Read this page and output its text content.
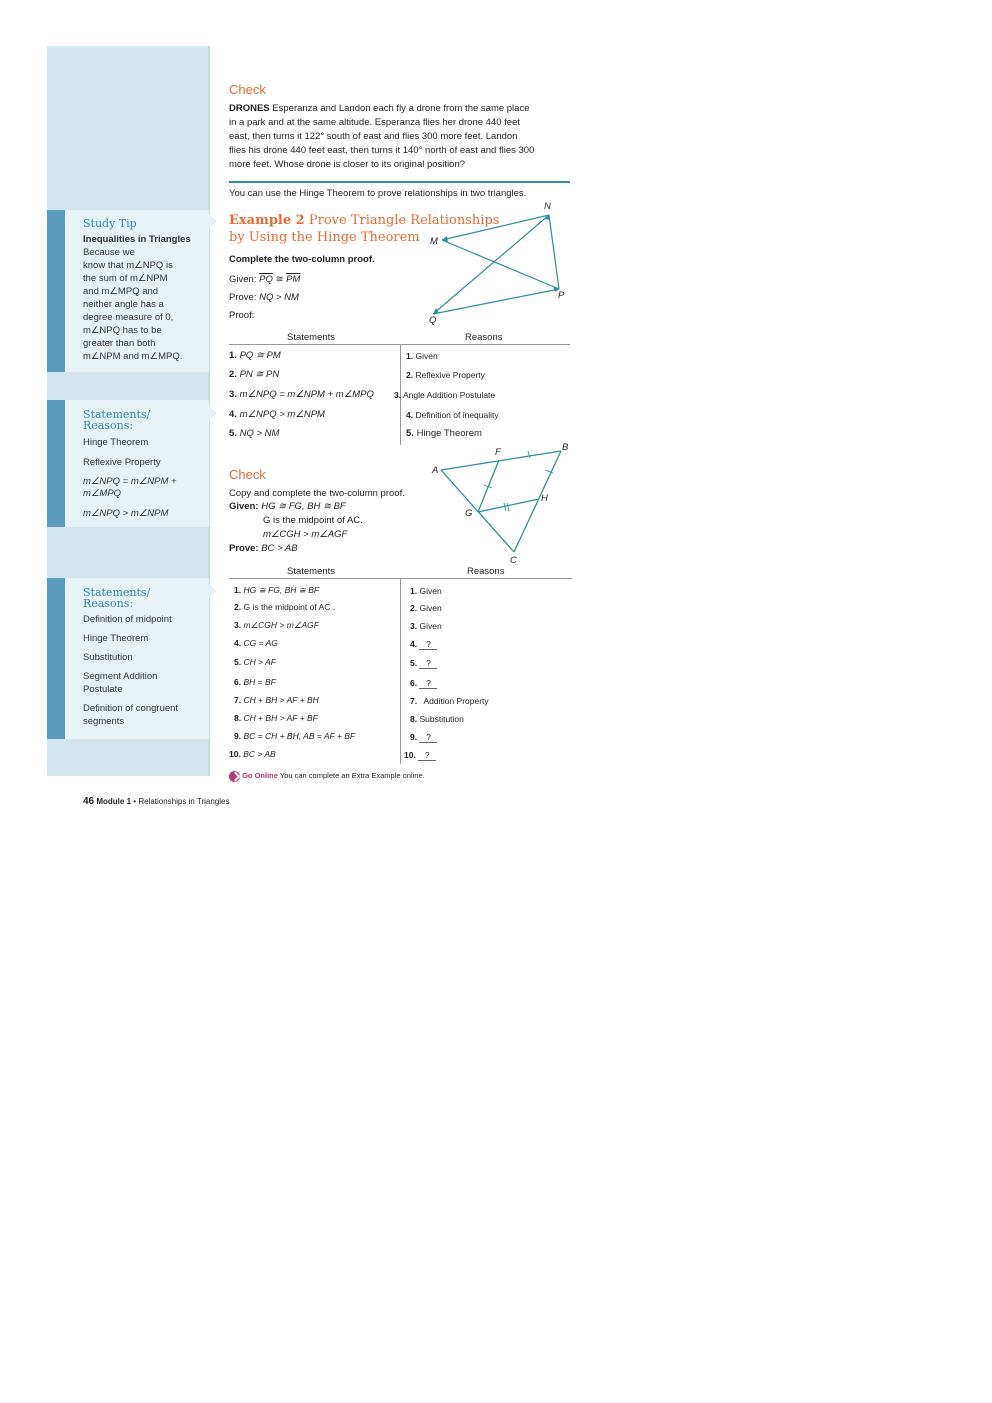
Study Tip
Inequalities in Triangles Because we
know that m∠NPQ is
the sum of m∠NPM
and m∠MPQ and
neither angle has a
degree measure of 0,
m∠NPQ has to be
greater than both
m∠NPM and m∠MPQ.
Statements/
Reasons:
Hinge Theorem
Reflexive Property
m∠NPQ = m∠NPM +
m∠MPQ
m∠NPQ > m∠NPM
Statements/
Reasons:
Definition of midpoint
Hinge Theorem
Substitution
Segment Addition
Postulate
Definition of congruent
segments
Check
DRONES Esperanza and Landon each fly a drone from the same place
in a park and at the same altitude. Esperanza flies her drone 440 feet
east, then turns it 122° south of east and flies 300 more feet. Landon
flies his drone 440 feet east, then turns it 140° north of east and flies 300
more feet. Whose drone is closer to its original position?
You can use the Hinge Theorem to prove relationships in two triangles.
Example 2 Prove Triangle Relationships
by Using the Hinge Theorem
Complete the two-column proof.
Given: $\overline{PQ}$ ≅ $\overline{PM}$
Prove: NQ > NM
Proof:
N
M
P
Q
Statements	Reasons
1. PQ ≅ PM
2. PN ≅ PN
3. m∠NPQ = m∠NPM + m∠MPQ
4. m∠NPQ > m∠NPM
5. NQ > NM
1. Given
2. Reflexive Property
3. Angle Addition Postulate
4. Definition of inequality
5. Hinge Theorem
Check
Copy and complete the two-column proof.
Given: HG ≅ FG, BH ≅ BF
G is the midpoint of AC.
m∠CGH > m∠AGF
Prove: BC > AB
A
B
C
F
G
H
Statements	Reasons
1. HG ≅ FG, BH ≅ BF
2. G is the midpoint of AC .
3. m∠CGH > m∠AGF
4. CG = AG
5. CH > AF
6. BH = BF
7. CH + BH > AF + BH
8. CH + BH > AF + BF
9. BC = CH + BH, AB = AF + BF
10. BC > AB
1. Given
2. Given
3. Given
4. ?
5. ?
6. ?
7. Addition Property
8. Substitution
9. ?
10. ?
Go Online You can complete an Extra Example online.
46 Module 1 • Relationships in Triangles
